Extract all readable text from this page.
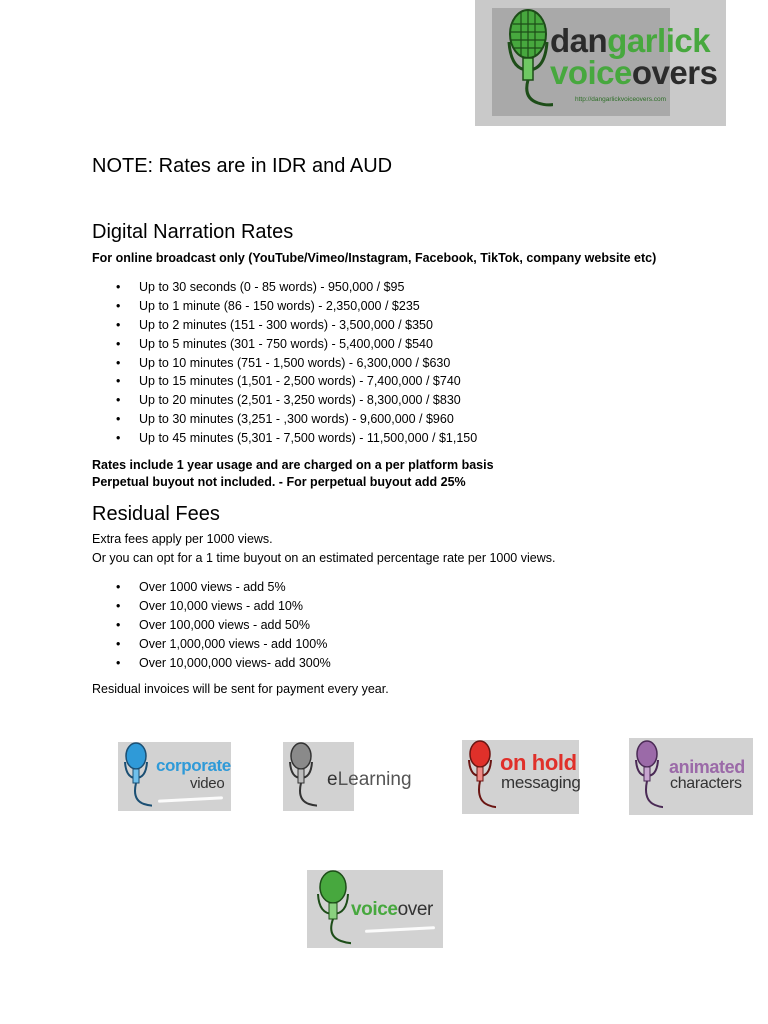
dangarlick
voiceovers
http://dangarlickvoiceovers.com
NOTE: Rates are in IDR and AUD
Digital Narration Rates
For online broadcast only (YouTube/Vimeo/Instagram, Facebook, TikTok, company website etc)
• Up to 30 seconds (0 - 85 words) - 950,000 / $95
• Up to 1 minute (86 - 150 words) - 2,350,000 / $235
• Up to 2 minutes (151 - 300 words) - 3,500,000 / $350
• Up to 5 minutes (301 - 750 words) - 5,400,000 / $540
• Up to 10 minutes (751 - 1,500 words) - 6,300,000 / $630
• Up to 15 minutes (1,501 - 2,500 words) - 7,400,000 / $740
• Up to 20 minutes (2,501 - 3,250 words) - 8,300,000 / $830
• Up to 30 minutes (3,251 - ,300 words) - 9,600,000 / $960
• Up to 45 minutes (5,301 - 7,500 words) - 11,500,000 / $1,150
Rates include 1 year usage and are charged on a per platform basis
Perpetual buyout not included. - For perpetual buyout add 25%
Residual Fees
Extra fees apply per 1000 views.
Or you can opt for a 1 time buyout on an estimated percentage rate per 1000 views.
• Over 1000 views - add 5%
• Over 10,000 views - add 10%
• Over 100,000 views - add 50%
• Over 1,000,000 views - add 100%
• Over 10,000,000 views- add 300%
Residual invoices will be sent for payment every year.
corporate
video	eLearning
on hold
messaging
animated
characters
voiceover
